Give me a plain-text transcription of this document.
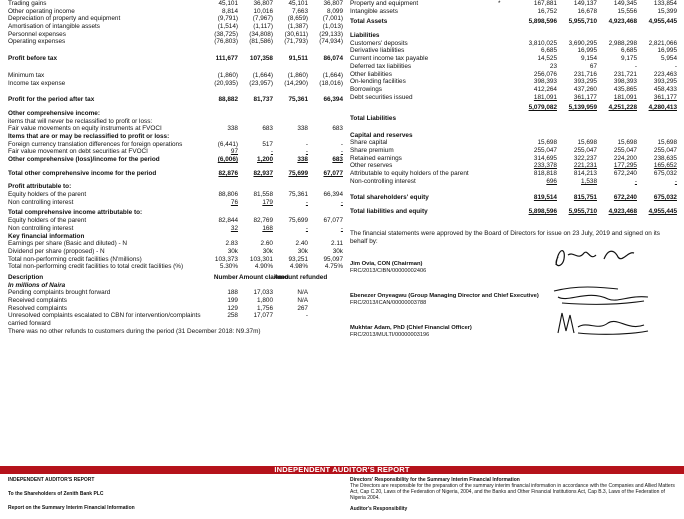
Trading gains	45,101	36,807	45,101	36,807
Other operating income	8,814	10,016	7,663	8,099
Depreciation of property and equipment	(9,791)	(7,967)	(8,659)	(7,001)
Amortisation of intangible assets	(1,514)	(1,117)	(1,387)	(1,013)
Personnel expenses	(38,725)	(34,808)	(30,611)	(29,133)
Operating expenses	(76,803)	(81,586)	(71,793)	(74,934)

Profit before tax	111,677	107,358	91,511	86,074

Minimum tax	(1,860)	(1,664)	(1,860)	(1,664)
Income tax expense	(20,935)	(23,957)	(14,290)	(18,016)

Profit for the period after tax	88,882	81,737	75,361	66,394

Other comprehensive income:				
items that will never be reclassified to profit or loss:				
Fair value movements on equity instruments at FVOCI	338	683	338	683
Items that are or may be reclassified to profit or loss:				
Foreign currency translation differences for foreign operations	(6,441)	517	-	-
Fair value movement on debt securities at FVOCI	97	-	-	-
Other comprehensive (loss)/income for the period	(6,006)	1,200	338	683

Total other comprehensive income for the period	82,876	82,937	75,699	67,077

Profit attributable to:				
Equity holders of the parent	88,806	81,558	75,361	66,394
Non controlling interest	76	179	-	-

Total comprehensive income attributable to:				
Equity holders of the parent	82,844	82,769	75,699	67,077
Non controlling interest	32	168	-	-
Key financial information				
Earnings per share (Basic and diluted) - N	2.83	2.60	2.40	2.11
Dividend per share (proposed) - N	30k	30k	30k	30k
Total non-performing credit facilities (N'millions)	103,373	103,301	93,251	95,097
Total non-performing credit facilities to total credit facilities (%)	5.30%	4.90%	4.98%	4.75%

Description	Number	Amount claimed	Amount refunded	
In millions of Naira				
Pending complaints brought forward	188	17,033	N/A	
Received complaints	199	1,800	N/A	
Resolved complaints	129	1,756	267	
Unresolved complaints escalated to CBN for intervention/complaints carried forward	258	17,077	-	
There was no other refunds to customers during the period (31 December 2018: N9.37m)				
Property and equipment	*	167,881	149,137	149,345	133,854
Intangible assets		16,752	16,678	15,556	15,399

Total Assets		5,898,596	5,955,710	4,923,468	4,955,445

Liabilities					
Customers' deposits		3,810,025	3,690,295	2,988,298	2,821,066
Derivative liabilities		6,685	16,995	6,685	16,995
Current income tax payable		14,525	9,154	9,175	5,954
Deferred tax liabilities		23	67	-	-
Other liabilities		256,076	231,716	231,721	223,463
On-lending facilities		398,393	393,295	398,393	393,295
Borrowings		412,264	437,260	435,865	458,433
Debt securities issued		181,091	361,177	181,091	361,177

		5,079,082	5,139,959	4,251,228	4,280,413

Total Liabilities					

Capital and reserves					
Share capital		15,698	15,698	15,698	15,698
Share premium		255,047	255,047	255,047	255,047
Retained earnings		314,695	322,237	224,200	238,635
Other reserves		233,378	221,231	177,295	165,652
Attributable to equity holders of the parent		818,818	814,213	672,240	675,032
Non-controlling interest		696	1,538	-	-

Total shareholders' equity		819,514	815,751	672,240	675,032

Total liabilities and equity		5,898,596	5,955,710	4,923,468	4,955,445
The financial statements were approved by the Board of Directors for issue on 23 July, 2019 and signed on its behalf by:
Jim Ovia, CON (Chairman)
FRC/2013/CIBN/00000002406
Ebenezer Onyeagwu (Group Managing Director and Chief Executive)
FRC/2013/ICAN/00000003788
Mukhtar Adam, PhD (Chief Financial Officer)
FRC/2013/MULTI/00000003196
INDEPENDENT AUDITOR'S REPORT
INDEPENDENT AUDITOR'S REPORT
To the Shareholders of Zenith Bank PLC
Report on the Summary Interim Financial Information
Directors' Responsibility for the Summary Interim Financial Information
The Directors are responsible for the preparation of the summary interim financial information in accordance with the Companies and Allied Matters Act, Cap C.20, Laws of the Federation of Nigeria, 2004, and the Banks and Other Financial Institutions Act, Cap B.3, Laws of the Federation of Nigeria 2004.
Auditor's Responsibility
